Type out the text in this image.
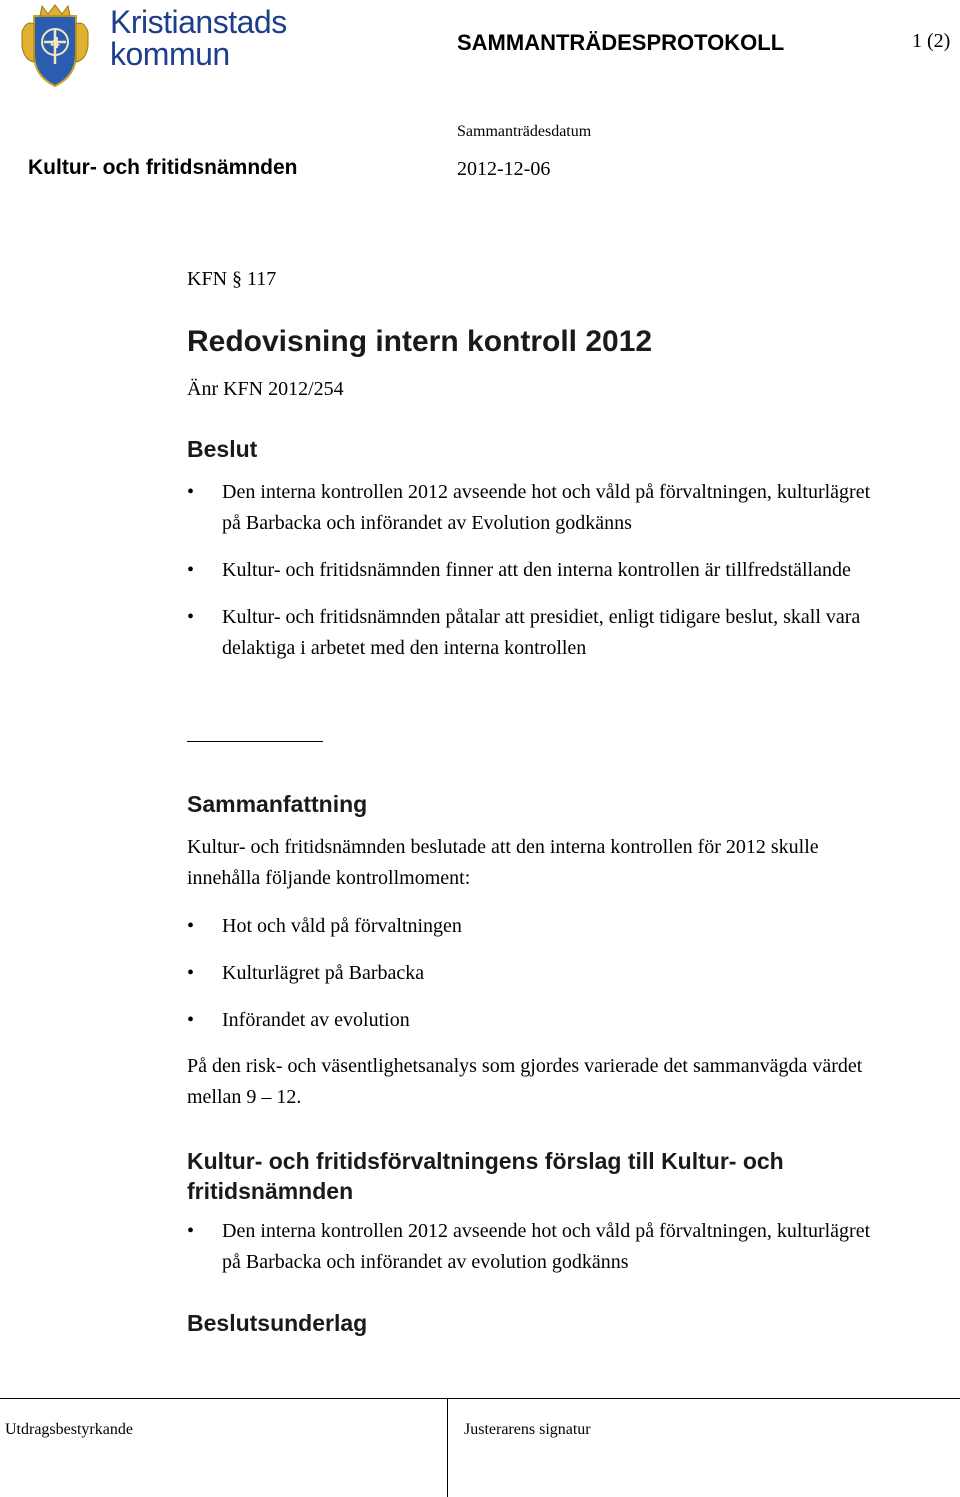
4
Kristianstads
kommun	SAMMANTRÄDESPROTOKOLL	1 (2)
Sammanträdesdatum
Kultur- och fritidsnämnden	2012-12-06
KFN § 117
Redovisning intern kontroll 2012
Änr KFN 2012/254
Beslut
• Den interna kontrollen 2012 avseende hot och våld på förvaltningen, kulturlägret på Barbacka och införandet av Evolution godkänns
• Kultur- och fritidsnämnden finner att den interna kontrollen är tillfredställande
• Kultur- och fritidsnämnden påtalar att presidiet, enligt tidigare beslut, skall vara delaktiga i arbetet med den interna kontrollen
Sammanfattning
Kultur- och fritidsnämnden beslutade att den interna kontrollen för 2012 skulle innehålla följande kontrollmoment:
• Hot och våld på förvaltningen
• Kulturlägret på Barbacka
• Införandet av evolution
På den risk- och väsentlighetsanalys som gjordes varierade det sammanvägda värdet mellan 9 – 12.
Kultur- och fritidsförvaltningens förslag till Kultur- och fritidsnämnden
• Den interna kontrollen 2012 avseende hot och våld på förvaltningen, kulturlägret på Barbacka och införandet av evolution godkänns
Beslutsunderlag
Utdragsbestyrkande	Justerarens signatur
